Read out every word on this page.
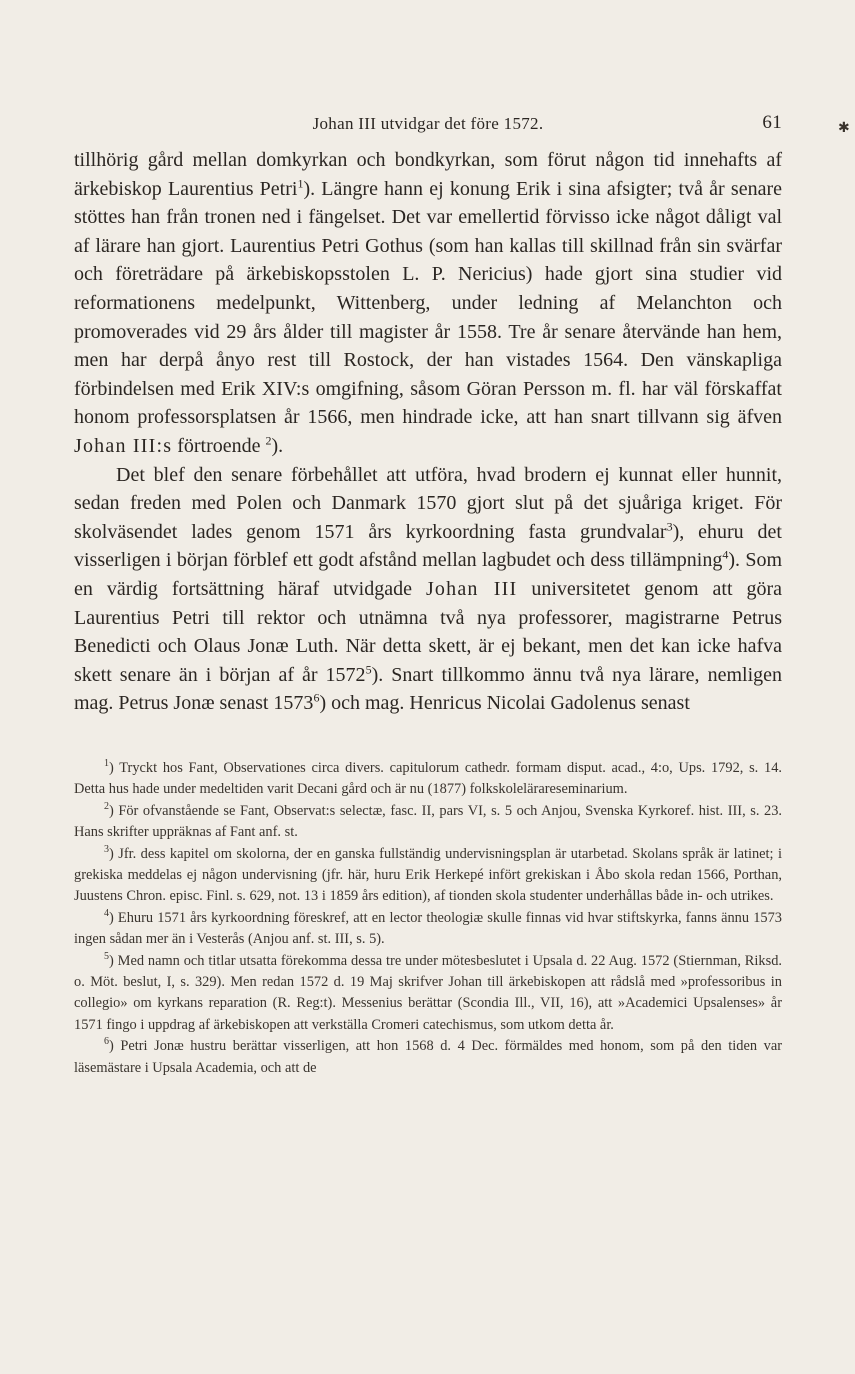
Johan III utvidgar det före 1572.	61	✱

tillhörig gård mellan domkyrkan och bondkyrkan, som förut någon tid innehafts af ärkebiskop Laurentius Petri$^1$). Längre hann ej konung Erik i sina afsigter; två år senare stöttes han från tronen ned i fängelset. Det var emellertid förvisso icke något dåligt val af lärare han gjort. Laurentius Petri Gothus (som han kallas till skillnad från sin svärfar och företrädare på ärkebiskopsstolen L. P. Nericius) hade gjort sina studier vid reformationens medelpunkt, Wittenberg, under ledning af Melanchton och promoverades vid 29 års ålder till magister år 1558. Tre år senare återvände han hem, men har derpå ånyo rest till Rostock, der han vistades 1564. Den vänskapliga förbindelsen med Erik XIV:s omgifning, såsom Göran Persson m. fl. har väl förskaffat honom professorsplatsen år 1566, men hindrade icke, att han snart tillvann sig äfven Johan III:s förtroende $^2$).

Det blef den senare förbehållet att utföra, hvad brodern ej kunnat eller hunnit, sedan freden med Polen och Danmark 1570 gjort slut på det sjuåriga kriget. För skolväsendet lades genom 1571 års kyrkoordning fasta grundvalar$^3$), ehuru det visserligen i början förblef ett godt afstånd mellan lagbudet och dess tillämpning$^4$). Som en värdig fortsättning häraf utvidgade Johan III universitetet genom att göra Laurentius Petri till rektor och utnämna två nya professorer, magistrarne Petrus Benedicti och Olaus Jonæ Luth. När detta skett, är ej bekant, men det kan icke hafva skett senare än i början af år 1572$^5$). Snart tillkommo ännu två nya lärare, nemligen mag. Petrus Jonæ senast 1573$^6$) och mag. Henricus Nicolai Gadolenus senast

$^1$) Tryckt hos Fant, Observationes circa divers. capitulorum cathedr. formam disput. acad., 4:o, Ups. 1792, s. 14. Detta hus hade under medeltiden varit Decani gård och är nu (1877) folkskolelärareseminarium.

$^2$) För ofvanstående se Fant, Observat:s selectæ, fasc. II, pars VI, s. 5 och Anjou, Svenska Kyrkoref. hist. III, s. 23. Hans skrifter uppräknas af Fant anf. st.

$^3$) Jfr. dess kapitel om skolorna, der en ganska fullständig undervisningsplan är utarbetad. Skolans språk är latinet; i grekiska meddelas ej någon undervisning (jfr. här, huru Erik Herkepé infört grekiskan i Åbo skola redan 1566, Porthan, Juustens Chron. episc. Finl. s. 629, not. 13 i 1859 års edition), af tionden skola studenter underhållas både in- och utrikes.

$^4$) Ehuru 1571 års kyrkoordning föreskref, att en lector theologiæ skulle finnas vid hvar stiftskyrka, fanns ännu 1573 ingen sådan mer än i Vesterås (Anjou anf. st. III, s. 5).

$^5$) Med namn och titlar utsatta förekomma dessa tre under mötesbeslutet i Upsala d. 22 Aug. 1572 (Stiernman, Riksd. o. Möt. beslut, I, s. 329). Men redan 1572 d. 19 Maj skrifver Johan till ärkebiskopen att rådslå med »professoribus in collegio» om kyrkans reparation (R. Reg:t). Messenius berättar (Scondia Ill., VII, 16), att »Academici Upsalenses» år 1571 fingo i uppdrag af ärkebiskopen att verkställa Cromeri catechismus, som utkom detta år.

$^6$) Petri Jonæ hustru berättar visserligen, att hon 1568 d. 4 Dec. förmäldes med honom, som på den tiden var läsemästare i Upsala Academia, och att de
